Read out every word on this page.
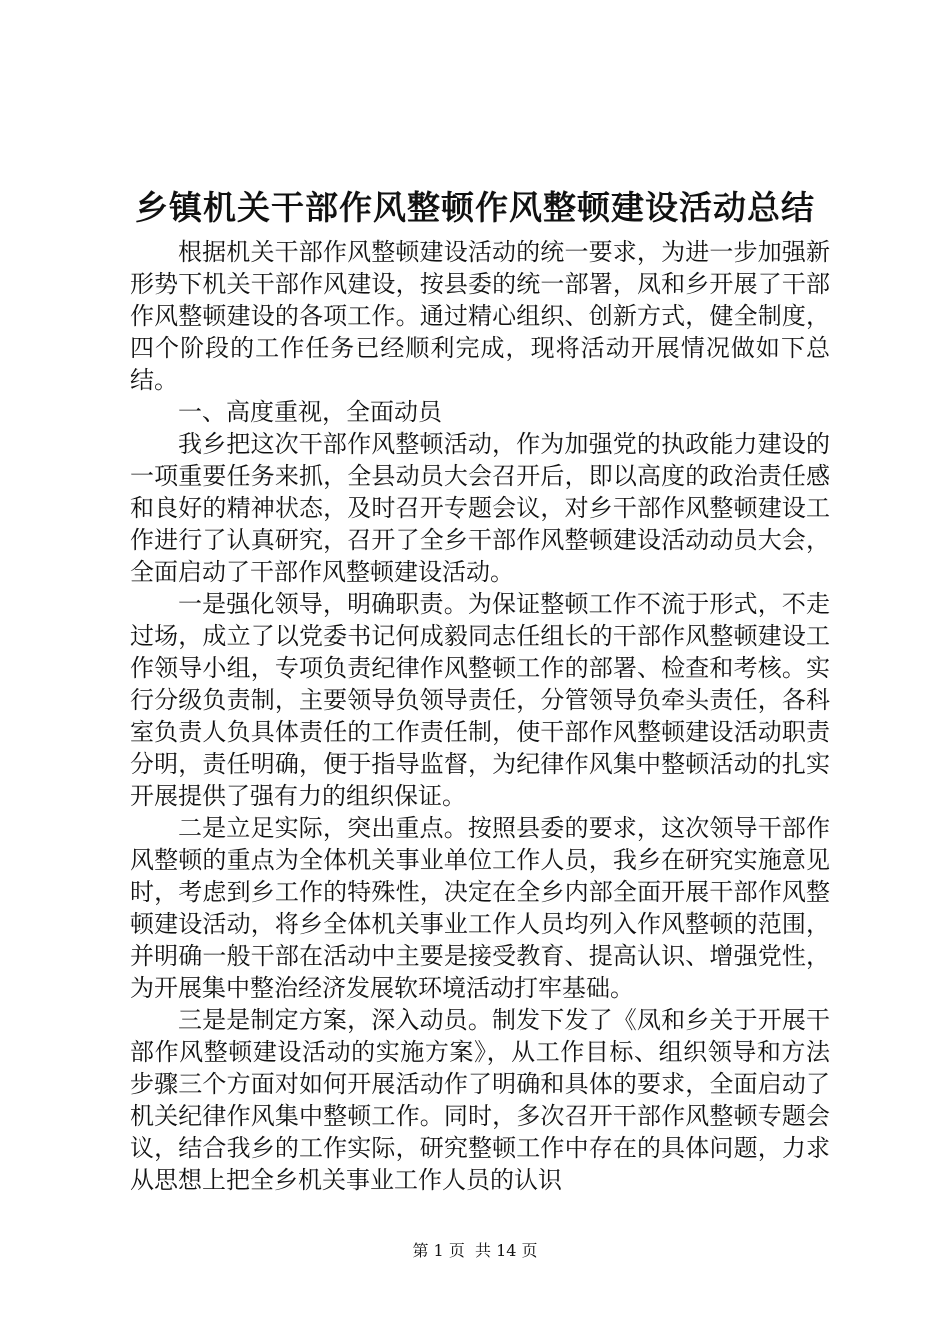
乡镇机关干部作风整顿作风整顿建设活动总结

根据机关干部作风整顿建设活动的统一要求，为进一步加强新形势下机关干部作风建设，按县委的统一部署，凤和乡开展了干部作风整顿建设的各项工作。通过精心组织、创新方式，健全制度，四个阶段的工作任务已经顺利完成，现将活动开展情况做如下总结。

一、高度重视，全面动员

我乡把这次干部作风整顿活动，作为加强党的执政能力建设的一项重要任务来抓，全县动员大会召开后，即以高度的政治责任感和良好的精神状态，及时召开专题会议，对乡干部作风整顿建设工作进行了认真研究，召开了全乡干部作风整顿建设活动动员大会，全面启动了干部作风整顿建设活动。

一是强化领导，明确职责。为保证整顿工作不流于形式，不走过场，成立了以党委书记何成毅同志任组长的干部作风整顿建设工作领导小组，专项负责纪律作风整顿工作的部署、检查和考核。实行分级负责制，主要领导负领导责任，分管领导负牵头责任，各科室负责人负具体责任的工作责任制，使干部作风整顿建设活动职责分明，责任明确，便于指导监督，为纪律作风集中整顿活动的扎实开展提供了强有力的组织保证。

二是立足实际，突出重点。按照县委的要求，这次领导干部作风整顿的重点为全体机关事业单位工作人员，我乡在研究实施意见时，考虑到乡工作的特殊性，决定在全乡内部全面开展干部作风整顿建设活动，将乡全体机关事业工作人员均列入作风整顿的范围，并明确一般干部在活动中主要是接受教育、提高认识、增强党性，为开展集中整治经济发展软环境活动打牢基础。

三是是制定方案，深入动员。制发下发了《凤和乡关于开展干部作风整顿建设活动的实施方案》，从工作目标、组织领导和方法步骤三个方面对如何开展活动作了明确和具体的要求，全面启动了机关纪律作风集中整顿工作。同时，多次召开干部作风整顿专题会议，结合我乡的工作实际，研究整顿工作中存在的具体问题，力求从思想上把全乡机关事业工作人员的认识

第 1 页  共 14 页
